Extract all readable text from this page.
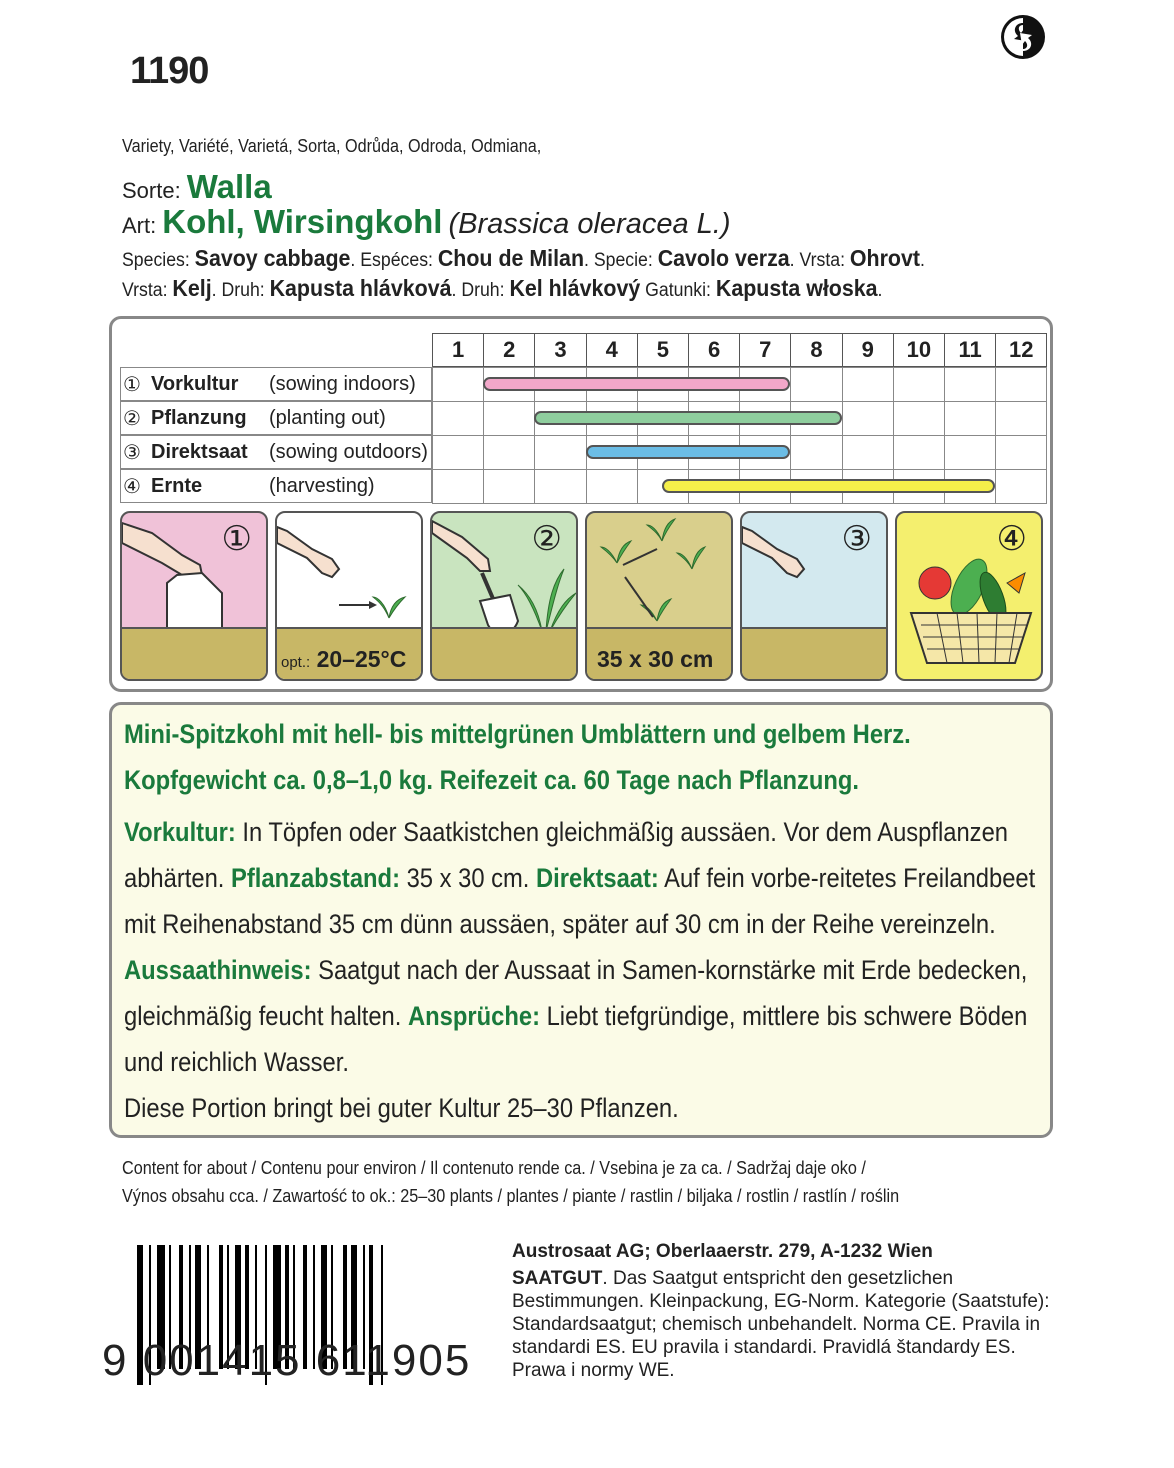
1190
Variety, Variété, Varietá, Sorta, Odrůda, Odroda, Odmiana,
Sorte: Walla
Art: Kohl, Wirsingkohl (Brassica oleracea L.)
Species: Savoy cabbage. Espéces: Chou de Milan. Specie: Cavolo verza. Vrsta: Ohrovt.
Vrsta: Kelj. Druh: Kapusta hlávková. Druh: Kel hlávkový Gatunki: Kapusta włoska.
1	2	3	4	5	6	7	8	9	10	11	12
① Vorkultur	(sowing indoors)
② Pflanzung	(planting out)
③ Direktsaat	(sowing outdoors)
④ Ernte	(harvesting)
①
opt.: 20–25°C
②
35 x 30 cm
③	④

Mini-Spitzkohl mit hell- bis mittelgrünen Umblättern und gelbem Herz.
Kopfgewicht ca. 0,8–1,0 kg. Reifezeit ca. 60 Tage nach Pflanzung.

Vorkultur: In Töpfen oder Saatkistchen gleichmäßig aussäen. Vor dem Auspflanzen abhärten. Pflanzabstand: 35 x 30 cm. Direktsaat: Auf fein vorbe-reitetes Freilandbeet mit Reihenabstand 35 cm dünn aussäen, später auf 30 cm in der Reihe vereinzeln. Aussaathinweis: Saatgut nach der Aussaat in Samen-kornstärke mit Erde bedecken, gleichmäßig feucht halten. Ansprüche: Liebt tiefgründige, mittlere bis schwere Böden und reichlich Wasser.
Diese Portion bringt bei guter Kultur 25–30 Pflanzen.

Content for about / Contenu pour environ / Il contenuto rende ca. / Vsebina je za ca. / Sadržaj daje oko /
Výnos obsahu cca. / Zawartość to ok.: 25–30 plants / plantes / piante / rastlin / biljaka / rostlin / rastlín / roślin
9 001415 611905
Austrosaat AG; Oberlaaerstr. 279, A-1232 Wien
SAATGUT. Das Saatgut entspricht den gesetzlichen Bestimmungen. Kleinpackung, EG-Norm. Kategorie (Saatstufe): Standardsaatgut; chemisch unbehandelt. Norma CE. Pravila in standardi ES. EU pravila i standardi. Pravidlá štandardy ES. Prawa i normy WE.
